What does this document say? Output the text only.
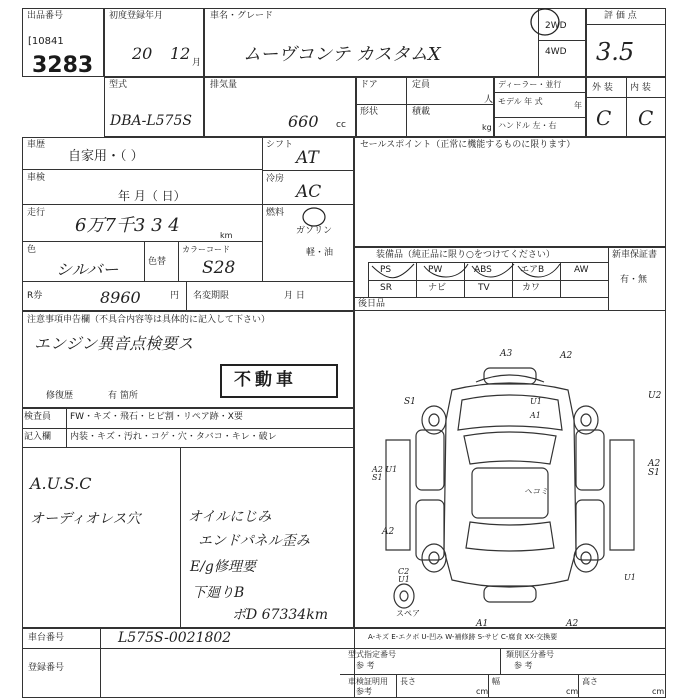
出品番号
[10841
3283
初度登録年月
20 12 月
車名・グレード
ムーヴコンテ カスタムX
2WD
4WD
評 価 点
3.5
型式
DBA-L575S
排気量
660 cc
ドア	定員
人
形状	積載
kg
ディーラー・並行
モデル 年 式	年
ハンドル 左・右
外 装 内 装
C C
車歴
自家用・（ ）
車検
年 月（ 日）
走行
6万7千3 3 4	km
色
シルバー	色替
カラーコード
S28
シフト
AT
冷房
AC
燃料
ガソリン
軽・油
R券	8960	円 名変期限	月 日
注意事項申告欄（不具合内容等は具体的に記入して下さい）
エンジン異音点検要ス
修復歴	有 箇所
不動車
検査員
記入欄
FW・キズ・飛石・ヒビ割・リペア跡・X要
内装・キズ・汚れ・コゲ・穴・タバコ・キレ・破レ
A.U.S.C
オーディオレス穴	オイルにじみ
エンドパネル歪み
E/g修理要
下廻りB
ボD 67334km
セールスポイント（正常に機能するものに限ります）
装備品（純正品に限り○をつけてください）	新車保証書
有・無
PS	PW	ABS	エアB	AW
SR	ナビ	TV	カワ
後日品
A3	A2
U1
A1
S1
U2
A2 U1 S1
A2 S1
ヘコミ
A2
C2 U1	U1
A1	A2
スペア
車台番号	L575S-0021802
登録番号
A-キズ E-エクボ U-凹み W-補修跡 S-サビ C-腐食 XX-交換要
型式指定番号
参 考
類別区分番号
参 考
車検証明用
参考
長さ
cm
幅
cm
高さ
cm
